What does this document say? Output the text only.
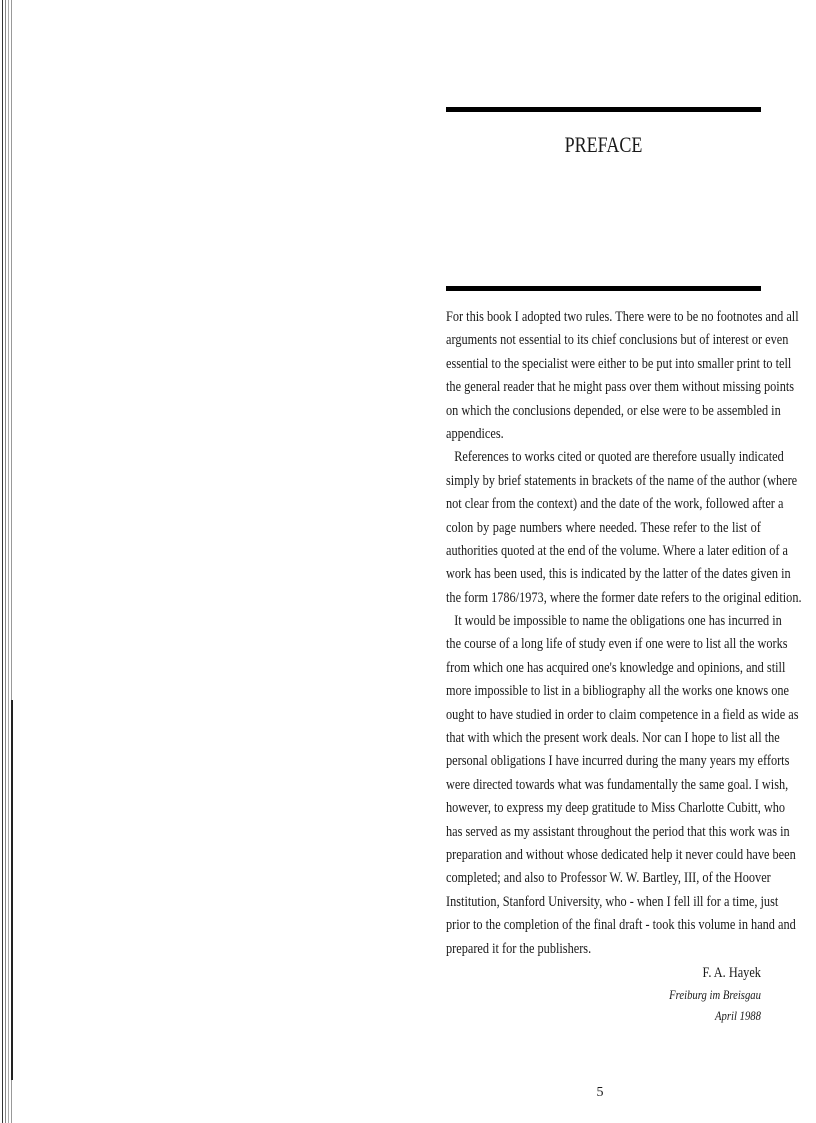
PREFACE
For this book I adopted two rules. There were to be no footnotes and all
arguments not essential to its chief conclusions but of interest or even
essential to the specialist were either to be put into smaller print to tell
the general reader that he might pass over them without missing points
on which the conclusions depended, or else were to be assembled in
appendices.
References to works cited or quoted are therefore usually indicated
simply by brief statements in brackets of the name of the author (where
not clear from the context) and the date of the work, followed after a
colon by page numbers where needed. These refer to the list of
authorities quoted at the end of the volume. Where a later edition of a
work has been used, this is indicated by the latter of the dates given in
the form 1786/1973, where the former date refers to the original edition.
It would be impossible to name the obligations one has incurred in
the course of a long life of study even if one were to list all the works
from which one has acquired one's knowledge and opinions, and still
more impossible to list in a bibliography all the works one knows one
ought to have studied in order to claim competence in a field as wide as
that with which the present work deals. Nor can I hope to list all the
personal obligations I have incurred during the many years my efforts
were directed towards what was fundamentally the same goal. I wish,
however, to express my deep gratitude to Miss Charlotte Cubitt, who
has served as my assistant throughout the period that this work was in
preparation and without whose dedicated help it never could have been
completed; and also to Professor W. W. Bartley, III, of the Hoover
Institution, Stanford University, who - when I fell ill for a time, just
prior to the completion of the final draft - took this volume in hand and
prepared it for the publishers.
F. A. Hayek
Freiburg im Breisgau
April 1988
5
